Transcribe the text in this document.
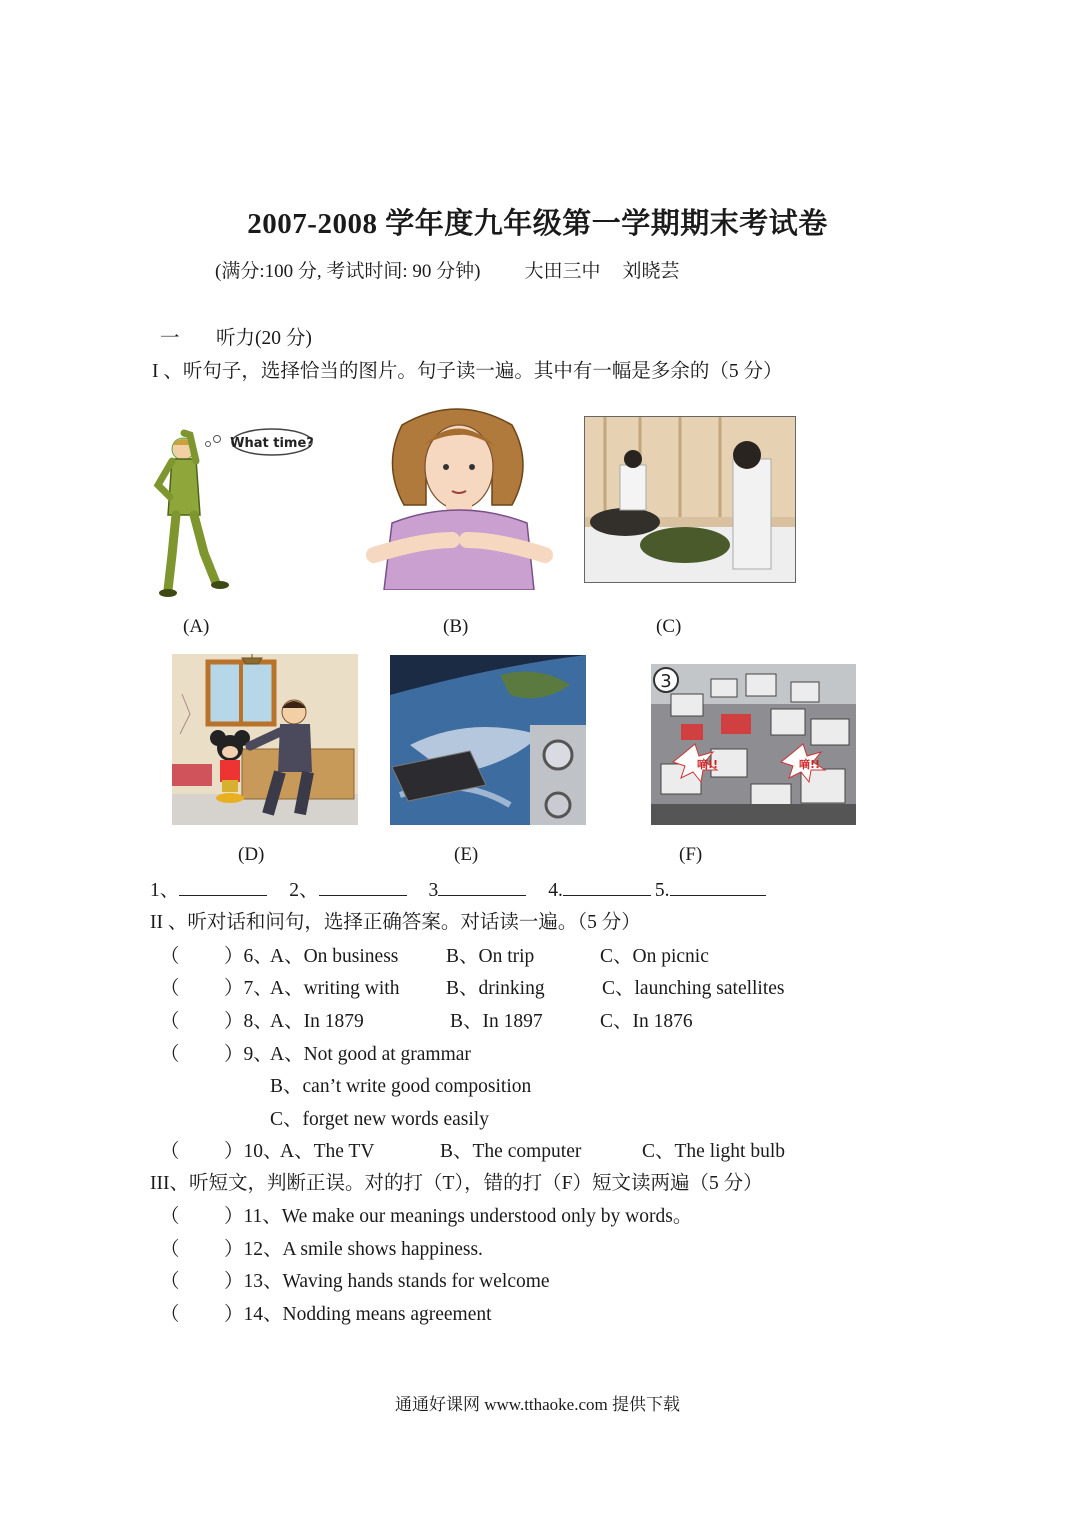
2007-2008 学年度九年级第一学期期末考试卷
(满分:100 分, 考试时间: 90 分钟) 大田三中 刘晓芸
一 听力(20 分)
I 、听句子，选择恰当的图片。句子读一遍。其中有一幅是多余的（5 分）
What time?
(A)	(B)	(C)
嘀!!	嘀!!
3
(D)	(E)	(F)
1、	2、	3	4.	5.
II 、听对话和问句，选择正确答案。对话读一遍。（5 分）
（ ）6、
A、On business B、On trip	C、On picnic
（ ）7、
A、writing with B、drinking	C、launching satellites
（ ）8、
A、In 1879	B、In 1897	C、In 1876
（ ）9、
A、Not good at grammar
B、can’t write good composition
C、forget new words easily
（ ）10、
A、The TV	B、The computer	C、The light bulb
III、听短文，判断正误。对的打（T），错的打（F）短文读两遍（5 分）
（ ）11、We make our meanings understood only by words。
（ ）12、A smile shows happiness.
（ ）13、Waving hands stands for welcome
（ ）14、Nodding means agreement
通通好课网 www.tthaoke.com 提供下载
